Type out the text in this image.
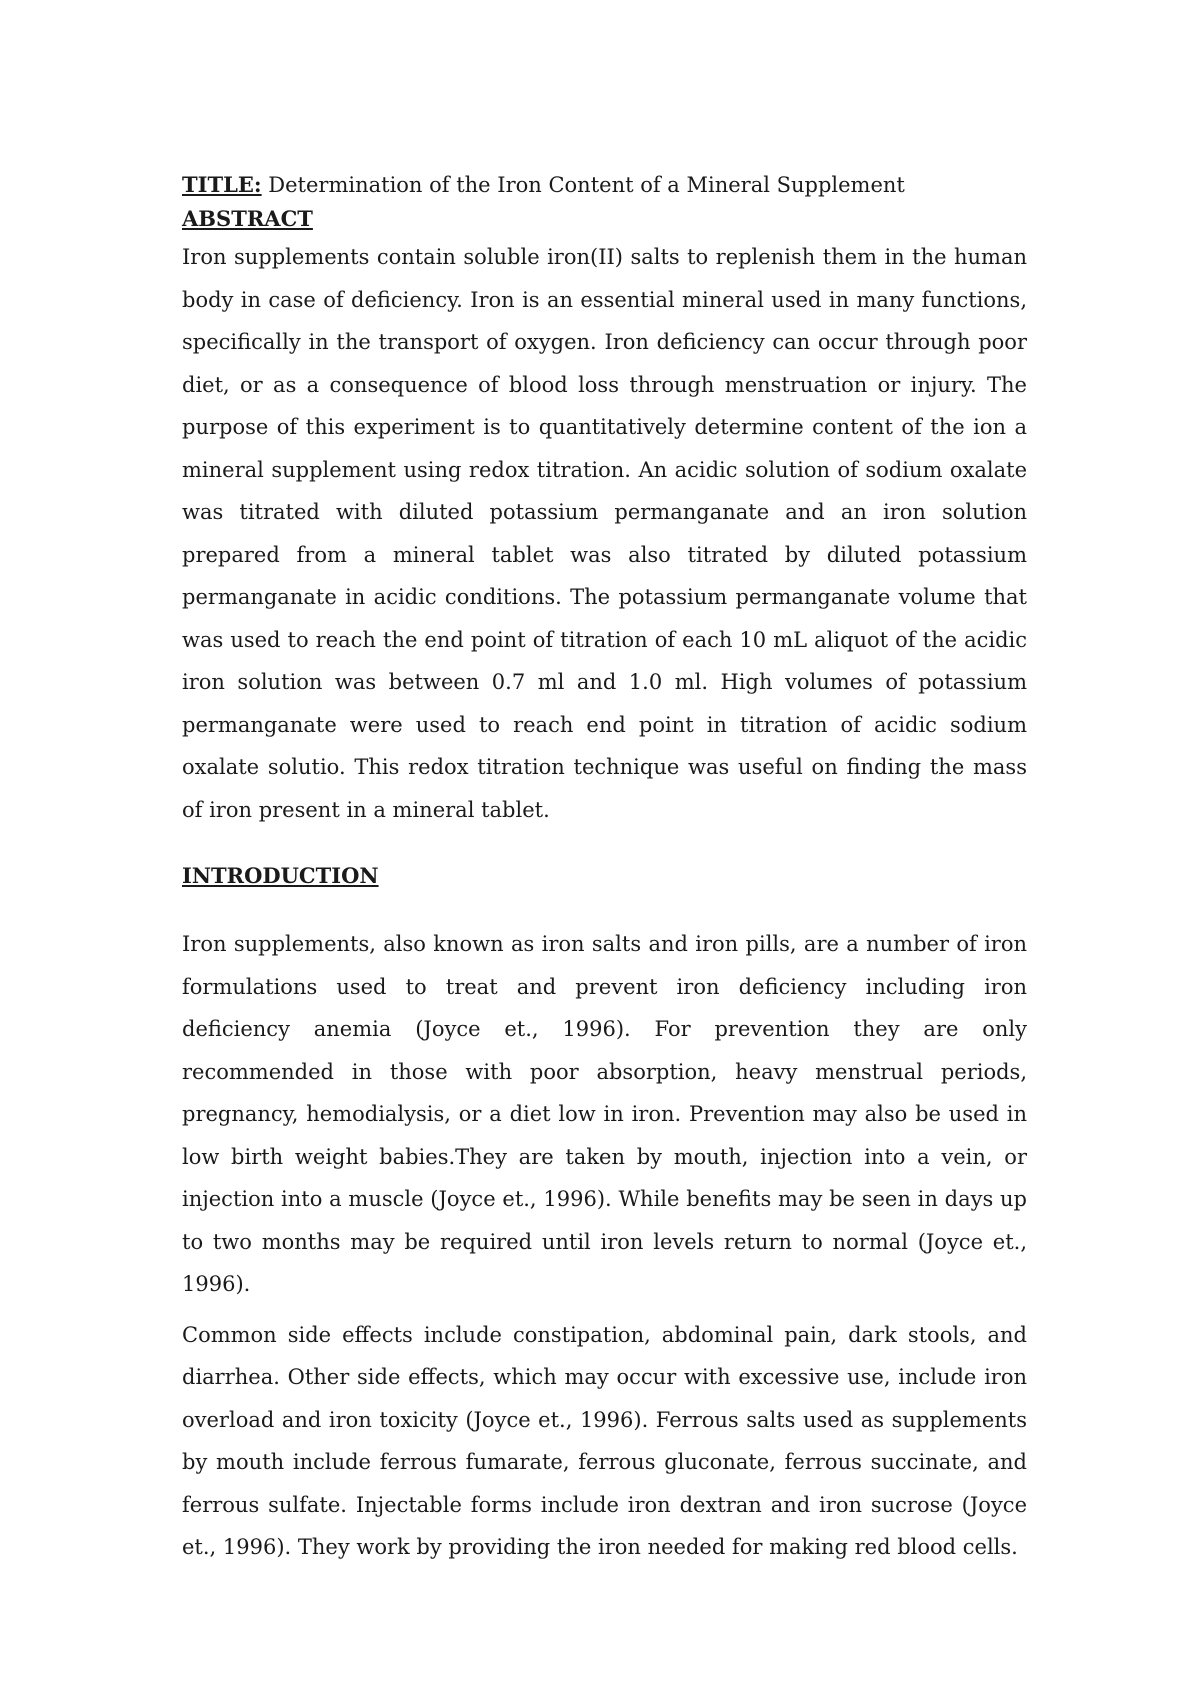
TITLE: Determination of the Iron Content of a Mineral Supplement

ABSTRACT

Iron supplements contain soluble iron(II) salts to replenish them in the human body in case of deficiency. Iron is an essential mineral used in many functions, specifically in the transport of oxygen. Iron deficiency can occur through poor diet, or as a consequence of blood loss through menstruation or injury. The purpose of this experiment is to quantitatively determine content of the ion a mineral supplement using redox titration. An acidic solution of sodium oxalate was titrated with diluted potassium permanganate and an iron solution prepared from a mineral tablet was also titrated by diluted potassium permanganate in acidic conditions. The potassium permanganate volume that was used to reach the end point of titration of each 10 mL aliquot of the acidic iron solution was between 0.7 ml and 1.0 ml. High volumes of potassium permanganate were used to reach end point in titration of acidic sodium oxalate solutio. This redox titration technique was useful on finding the mass of iron present in a mineral tablet.

INTRODUCTION

Iron supplements, also known as iron salts and iron pills, are a number of iron formulations used to treat and prevent iron deficiency including iron deficiency anemia (Joyce et., 1996). For prevention they are only recommended in those with poor absorption, heavy menstrual periods, pregnancy, hemodialysis, or a diet low in iron. Prevention may also be used in low birth weight babies.They are taken by mouth, injection into a vein, or injection into a muscle (Joyce et., 1996). While benefits may be seen in days up to two months may be required until iron levels return to normal (Joyce et., 1996).

Common side effects include constipation, abdominal pain, dark stools, and diarrhea. Other side effects, which may occur with excessive use, include iron overload and iron toxicity (Joyce et., 1996). Ferrous salts used as supplements by mouth include ferrous fumarate, ferrous gluconate, ferrous succinate, and ferrous sulfate. Injectable forms include iron dextran and iron sucrose (Joyce et., 1996). They work by providing the iron needed for making red blood cells.
